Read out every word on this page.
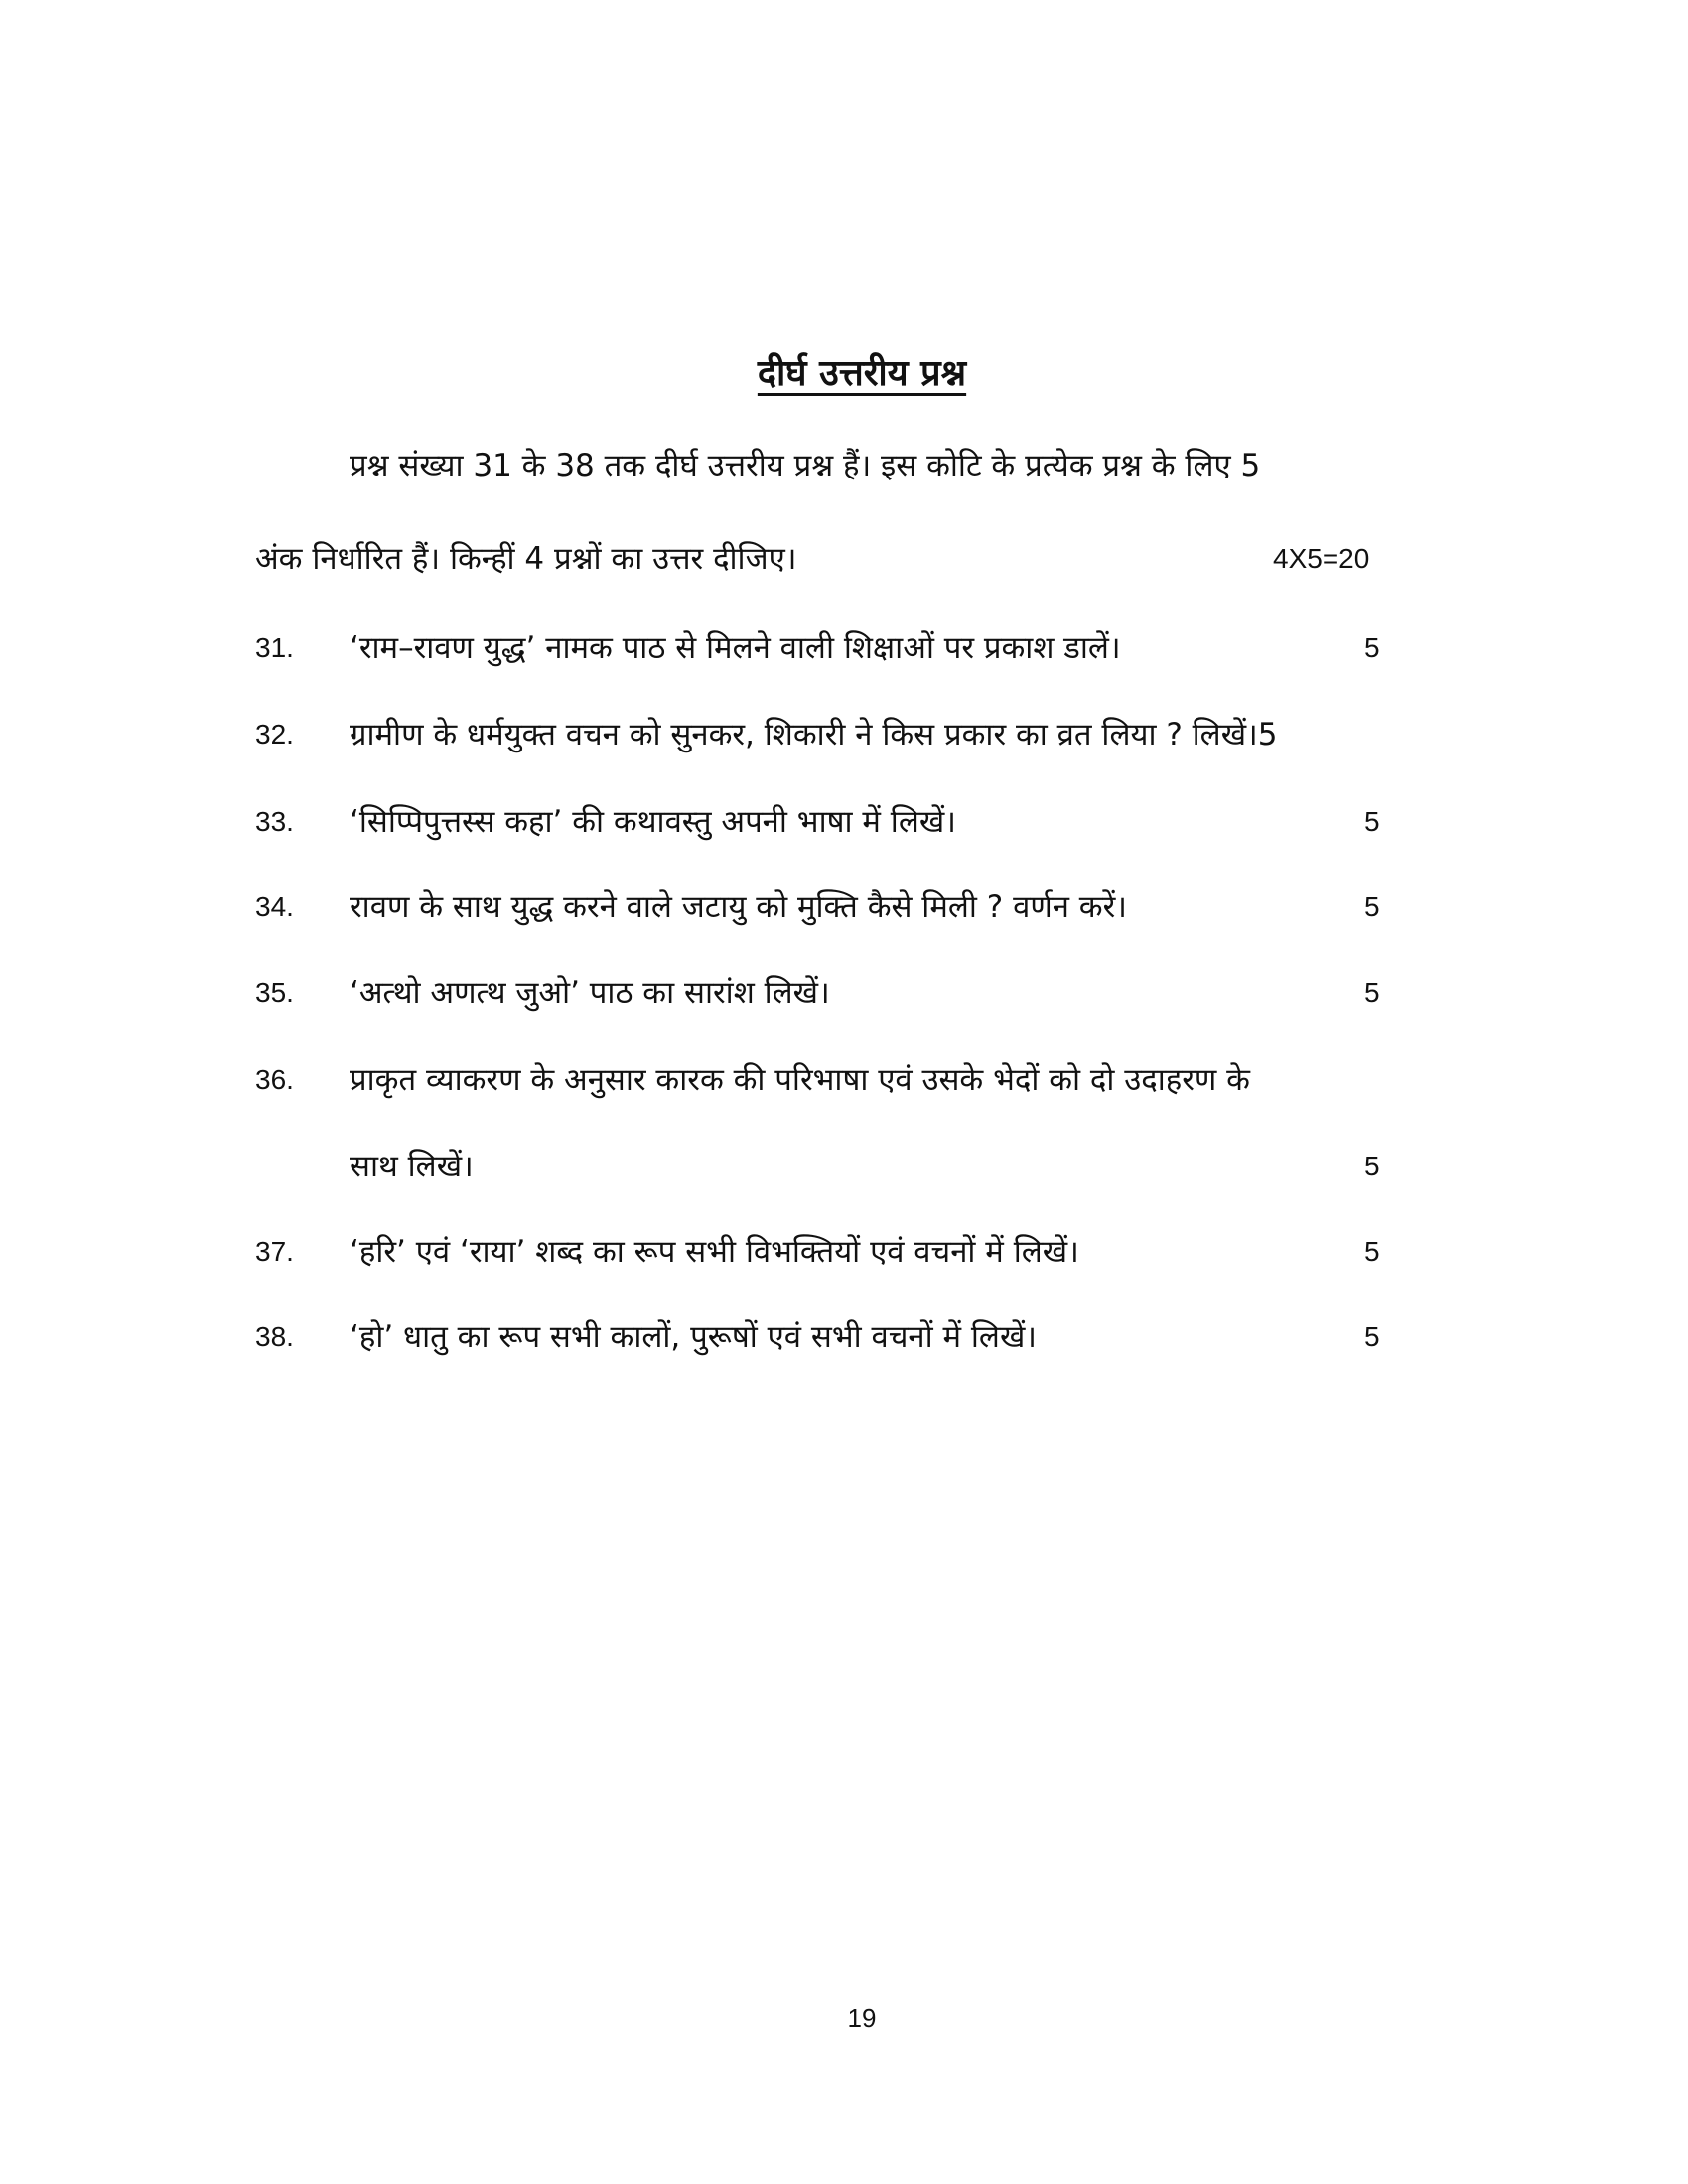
दीर्घ उत्तरीय प्रश्न
प्रश्न संख्या 31 के 38 तक दीर्घ उत्तरीय प्रश्न हैं। इस कोटि के प्रत्येक प्रश्न के लिए 5
अंक निर्धारित हैं। किन्हीं 4 प्रश्नों का उत्तर दीजिए।	4X5=20
31. ‘राम–रावण युद्ध’ नामक पाठ से मिलने वाली शिक्षाओं पर प्रकाश डालें।	5
32. ग्रामीण के धर्मयुक्त वचन को सुनकर, शिकारी ने किस प्रकार का व्रत लिया ? लिखें।5
33. ‘सिप्पिपुत्तस्स कहा’ की कथावस्तु अपनी भाषा में लिखें।	5
34. रावण के साथ युद्ध करने वाले जटायु को मुक्ति कैसे मिली ? वर्णन करें।	5
35. ‘अत्थो अणत्थ जुओ’ पाठ का सारांश लिखें।	5
36. प्राकृत व्याकरण के अनुसार कारक की परिभाषा एवं उसके भेदों को दो उदाहरण के
साथ लिखें।	5
37. ‘हरि’ एवं ‘राया’ शब्द का रूप सभी विभक्तियों एवं वचनों में लिखें।	5
38. ‘हो’ धातु का रूप सभी कालों, पुरूषों एवं सभी वचनों में लिखें।	5
19
